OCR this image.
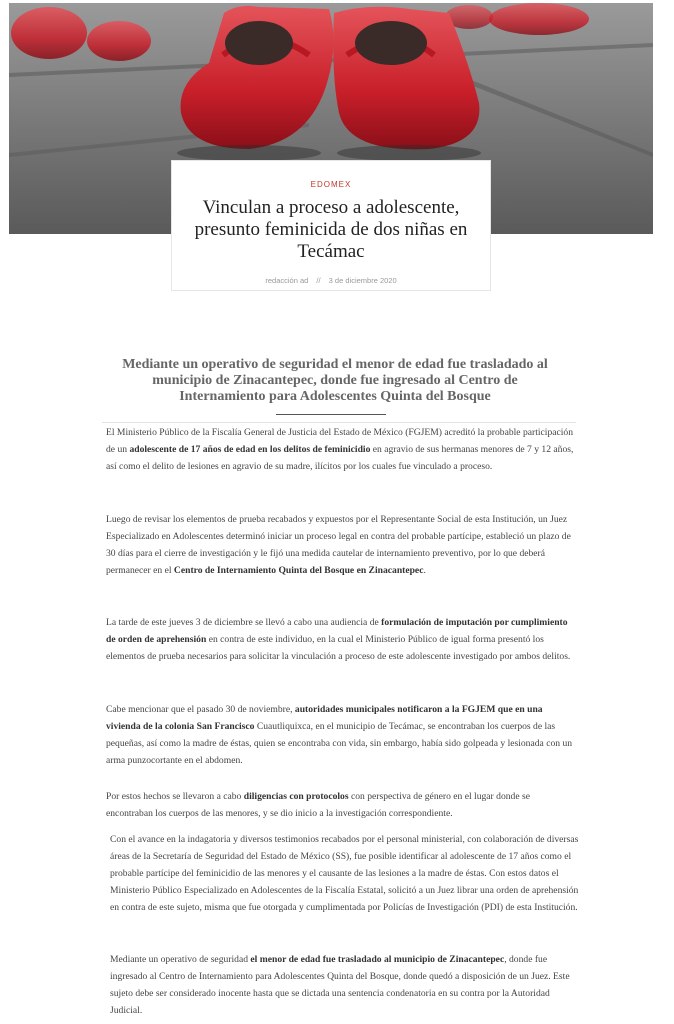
EDOMEX
Vinculan a proceso a adolescente, presunto feminicida de dos niñas en Tecámac
redacción ad // 3 de diciembre 2020
Mediante un operativo de seguridad el menor de edad fue trasladado al municipio de Zinacantepec, donde fue ingresado al Centro de Internamiento para Adolescentes Quinta del Bosque

El Ministerio Público de la Fiscalía General de Justicia del Estado de México (FGJEM) acreditó la probable participación de un adolescente de 17 años de edad en los delitos de feminicidio en agravio de sus hermanas menores de 7 y 12 años, así como el delito de lesiones en agravio de su madre, ilícitos por los cuales fue vinculado a proceso.

Luego de revisar los elementos de prueba recabados y expuestos por el Representante Social de esta Institución, un Juez Especializado en Adolescentes determinó iniciar un proceso legal en contra del probable partícipe, estableció un plazo de 30 días para el cierre de investigación y le fijó una medida cautelar de internamiento preventivo, por lo que deberá permanecer en el Centro de Internamiento Quinta del Bosque en Zinacantepec.

La tarde de este jueves 3 de diciembre se llevó a cabo una audiencia de formulación de imputación por cumplimiento de orden de aprehensión en contra de este individuo, en la cual el Ministerio Público de igual forma presentó los elementos de prueba necesarios para solicitar la vinculación a proceso de este adolescente investigado por ambos delitos.

Cabe mencionar que el pasado 30 de noviembre, autoridades municipales notificaron a la FGJEM que en una vivienda de la colonia San Francisco Cuautliquixca, en el municipio de Tecámac, se encontraban los cuerpos de las pequeñas, así como la madre de éstas, quien se encontraba con vida, sin embargo, había sido golpeada y lesionada con un arma punzocortante en el abdomen.

Por estos hechos se llevaron a cabo diligencias con protocolos con perspectiva de género en el lugar donde se encontraban los cuerpos de las menores, y se dio inicio a la investigación correspondiente.

Con el avance en la indagatoria y diversos testimonios recabados por el personal ministerial, con colaboración de diversas áreas de la Secretaría de Seguridad del Estado de México (SS), fue posible identificar al adolescente de 17 años como el probable partícipe del feminicidio de las menores y el causante de las lesiones a la madre de éstas. Con estos datos el Ministerio Público Especializado en Adolescentes de la Fiscalía Estatal, solicitó a un Juez librar una orden de aprehensión en contra de este sujeto, misma que fue otorgada y cumplimentada por Policías de Investigación (PDI) de esta Institución.

Mediante un operativo de seguridad el menor de edad fue trasladado al municipio de Zinacantepec, donde fue ingresado al Centro de Internamiento para Adolescentes Quinta del Bosque, donde quedó a disposición de un Juez. Este sujeto debe ser considerado inocente hasta que se dictada una sentencia condenatoria en su contra por la Autoridad Judicial.
